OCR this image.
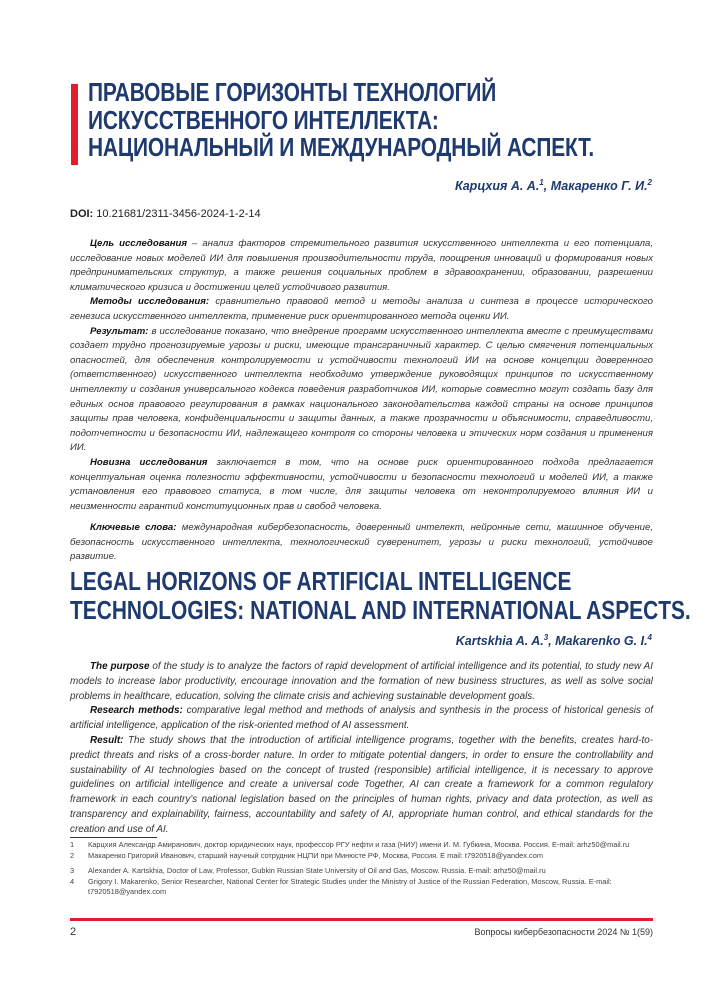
ПРАВОВЫЕ ГОРИЗОНТЫ ТЕХНОЛОГИЙ
ИСКУССТВЕННОГО ИНТЕЛЛЕКТА:
НАЦИОНАЛЬНЫЙ И МЕЖДУНАРОДНЫЙ АСПЕКТ.
Карцхия А. А.$^1$, Макаренко Г. И.$^2$
DOI: 10.21681/2311-3456-2024-1-2-14

Цель исследования – анализ факторов стремительного развития искусственного интеллекта и его потенциала, исследование новых моделей ИИ для повышения производительности труда, поощрения инноваций и формирования новых предпринимательских структур, а также решения социальных проблем в здравоохранении, образовании, разрешении климатического кризиса и достижении целей устойчивого развития.

Методы исследования: сравнительно правовой метод и методы анализа и синтеза в процессе исторического генезиса искусственного интеллекта, применение риск ориентированного метода оценки ИИ.

Результат: в исследование показано, что внедрение программ искусственного интеллекта вместе с преимуществами создает трудно прогнозируемые угрозы и риски, имеющие трансграничный характер. С целью смягчения потенциальных опасностей, для обеспечения контролируемости и устойчивости технологий ИИ на основе концепции доверенного (ответственного) искусственного интеллекта необходимо утверждение руководящих принципов по искусственному интеллекту и создания универсального кодекса поведения разработчиков ИИ, которые совместно могут создать базу для единых основ правового регулирования в рамках национального законодательства каждой страны на основе принципов защиты прав человека, конфиденциальности и защиты данных, а также прозрачности и объяснимости, справедливости, подотчетности и безопасности ИИ, надлежащего контроля со стороны человека и этических норм создания и применения ИИ.

Новизна исследования заключается в том, что на основе риск ориентированного подхода предлагается концептуальная оценка полезности эффективности, устойчивости и безопасности технологий и моделей ИИ, а также установления его правового статуса, в том числе, для защиты человека от неконтролируемого влияния ИИ и неизменности гарантий конституционных прав и свобод человека.

Ключевые слова: международная кибербезопасность, доверенный интелект, нейронные сети, машинное обучение, безопасность искусственного интеллекта, технологический суверенитет, угрозы и риски технологий, устойчивое развитие.

LEGAL HORIZONS OF ARTIFICIAL INTELLIGENCE
TECHNOLOGIES: NATIONAL AND INTERNATIONAL ASPECTS.
Kartskhia A. A.$^3$, Makarenko G. I.$^4$

The purpose of the study is to analyze the factors of rapid development of artificial intelligence and its potential, to study new AI models to increase labor productivity, encourage innovation and the formation of new business structures, as well as solve social problems in healthcare, education, solving the climate crisis and achieving sustainable development goals.

Research methods: comparative legal method and methods of analysis and synthesis in the process of historical genesis of artificial intelligence, application of the risk-oriented method of AI assessment.

Result: The study shows that the introduction of artificial intelligence programs, together with the benefits, creates hard-to-predict threats and risks of a cross-border nature. In order to mitigate potential dangers, in order to ensure the controllability and sustainability of AI technologies based on the concept of trusted (responsible) artificial intelligence, it is necessary to approve guidelines on artificial intelligence and create a universal code Together, AI can create a framework for a common regulatory framework in each country’s national legislation based on the principles of human rights, privacy and data protection, as well as transparency and explainability, fairness, accountability and safety of AI, appropriate human control, and ethical standards for the creation and use of AI.

1	Карцхия Александр Амиранович, доктор юридических наук, профессор РГУ нефти и газа (НИУ) имени И. М. Губкина, Москва. Россия. E-mail: arhz50@mail.ru
2	Макаренко Григорий Иванович, старший научный сотрудник НЦПИ при Минюсте РФ, Москва, Россия. E mail: t7920518@yandex.com
3	Alexander A. Kartskhia, Doctor of Law, Professor, Gubkin Russian State University of Oil and Gas, Moscow. Russia. E-mail: arhz50@mail.ru
4	Grigory I. Makarenko, Senior Researcher, National Center for Strategic Studies under the Ministry of Justice of the Russian Federation, Moscow, Russia. E-mail: t7920518@yandex.com
2	Вопросы кибербезопасности 2024 № 1(59)
